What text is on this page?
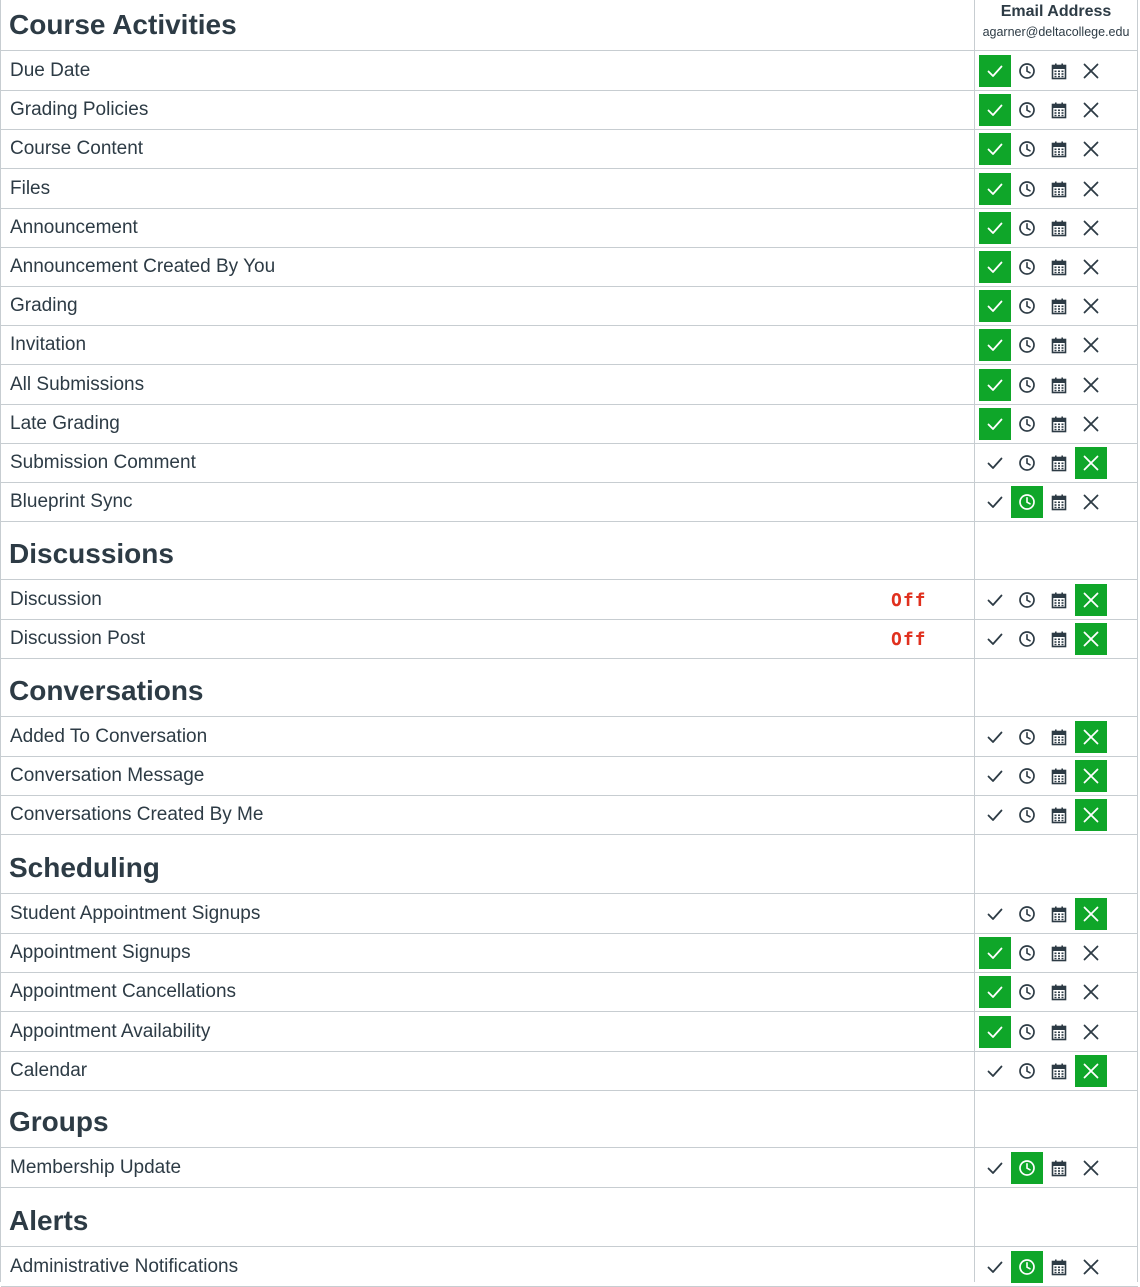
Email Address
agarner@deltacollege.edu
Course Activities
Due Date
Grading Policies
Course Content
Files
Announcement
Announcement Created By You
Grading
Invitation
All Submissions
Late Grading
Submission Comment
Blueprint Sync
Discussions
Discussion	Off
Discussion Post	Off
Conversations
Added To Conversation
Conversation Message
Conversations Created By Me
Scheduling
Student Appointment Signups
Appointment Signups
Appointment Cancellations
Appointment Availability
Calendar
Groups
Membership Update
Alerts
Administrative Notifications
